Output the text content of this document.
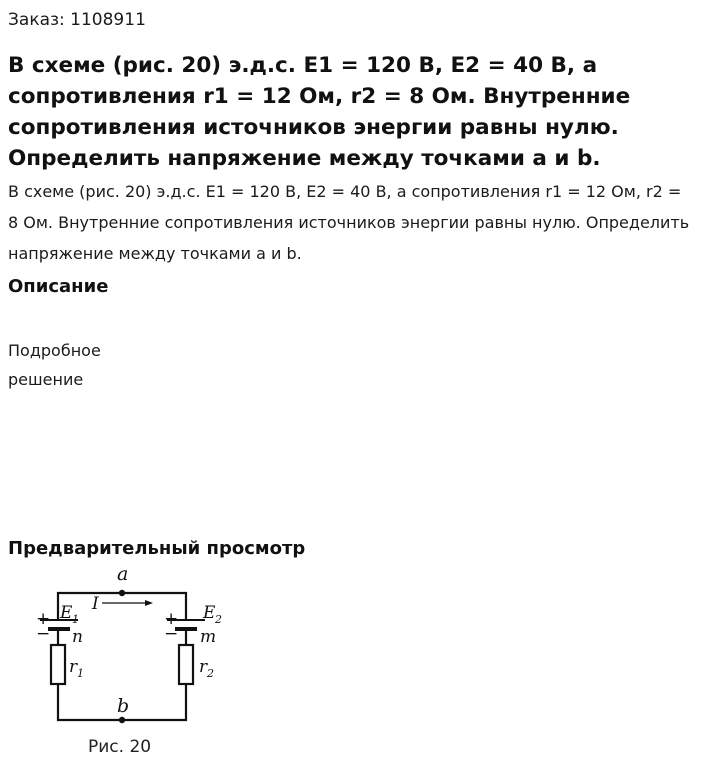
Заказ: 1108911
В схеме (рис. 20) э.д.с. Е1 = 120 В, Е2 = 40 В, а сопротивления r1 = 12 Ом, r2 = 8 Ом. Внутренние сопротивления источников энергии равны нулю. Определить напряжение между точками a и b.
В схеме (рис. 20) э.д.с. Е1 = 120 В, Е2 = 40 В, а сопротивления r1 = 12 Ом, r2 = 8 Ом. Внутренние сопротивления источников энергии равны нулю. Определить напряжение между точками a и b.
Описание
Подробное решение
Предварительный просмотр
a
b
I
+
−
E 1
n
r 1
+
−
E 2
m
r 2
Рис. 20
